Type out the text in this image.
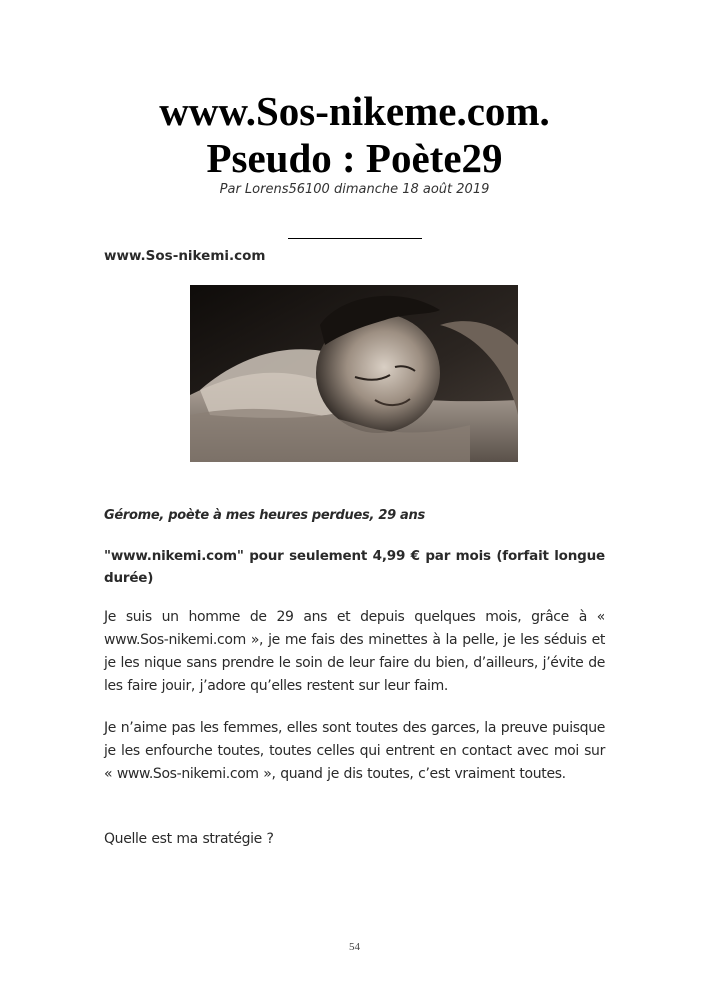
www.Sos-nikeme.com.
Pseudo : Poète29

Par Lorens56100 dimanche 18 août 2019

www.Sos-nikemi.com

Gérome, poète à mes heures perdues, 29 ans

"www.nikemi.com" pour seulement 4,99 € par mois (forfait longue durée)

Je suis un homme de 29 ans et depuis quelques mois, grâce à « www.Sos-nikemi.com », je me fais des minettes à la pelle, je les séduis et je les nique sans prendre le soin de leur faire du bien, d’ailleurs, j’évite de les faire jouir, j’adore qu’elles restent sur leur faim.

Je n’aime pas les femmes, elles sont toutes des garces, la preuve puisque je les enfourche toutes, toutes celles qui entrent en contact avec moi sur « www.Sos-nikemi.com », quand je dis toutes, c’est vraiment toutes.

Quelle est ma stratégie ?

54
